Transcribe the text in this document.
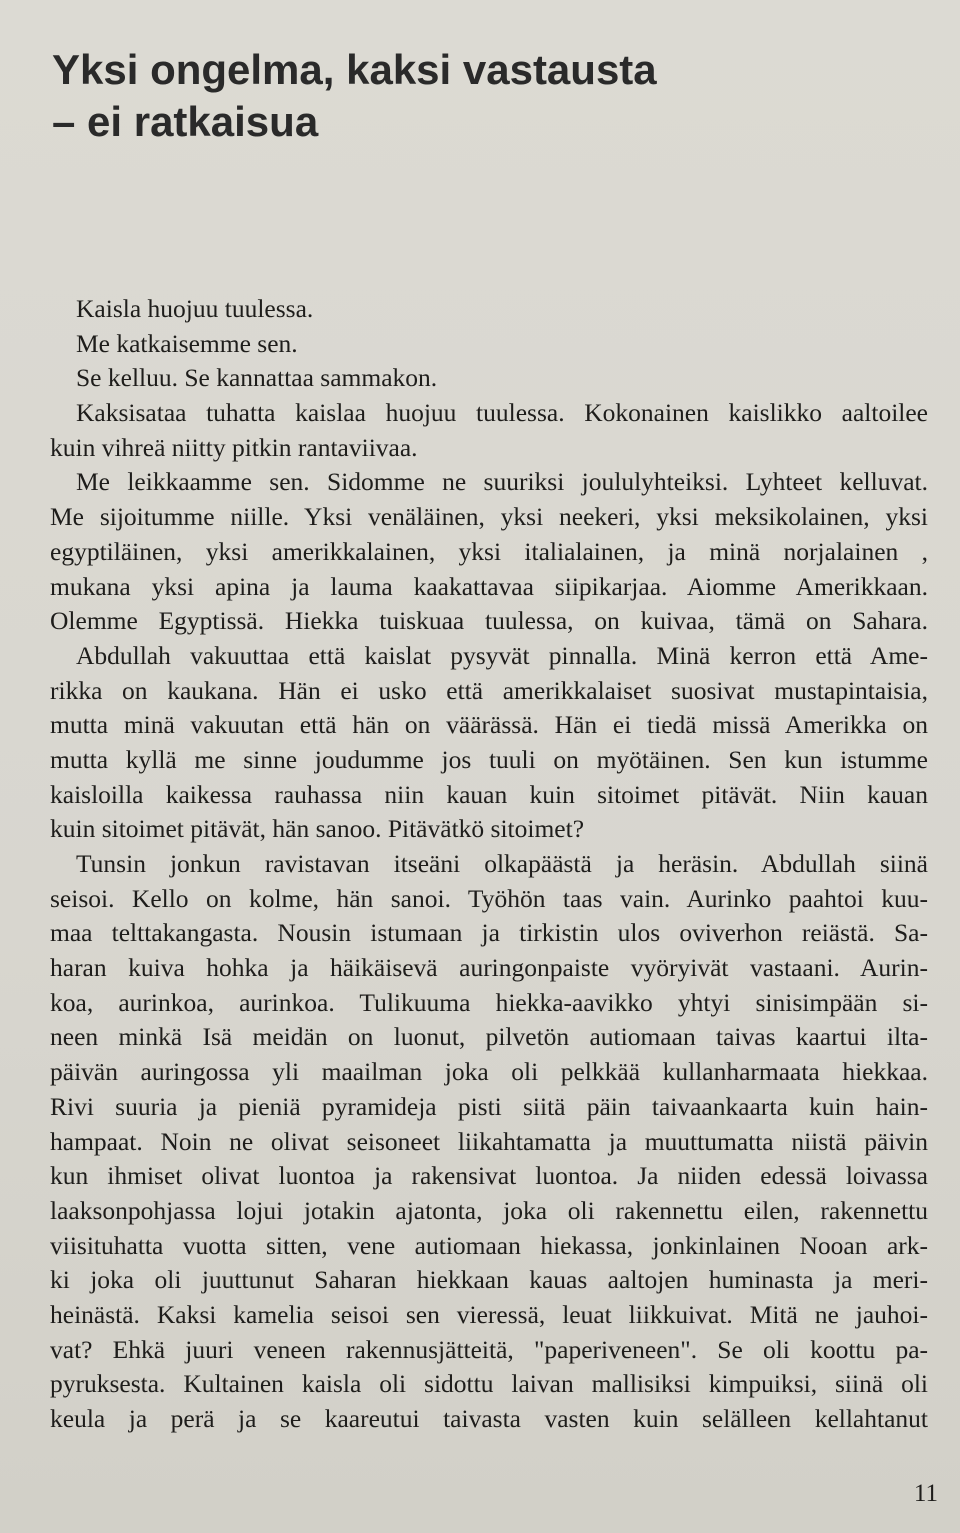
Yksi ongelma, kaksi vastausta
– ei ratkaisua
Kaisla huojuu tuulessa.
Me katkaisemme sen.
Se kelluu. Se kannattaa sammakon.
Kaksisataa tuhatta kaislaa huojuu tuulessa. Kokonainen kaislikko aaltoilee
kuin vihreä niitty pitkin rantaviivaa.
Me leikkaamme sen. Sidomme ne suuriksi joululyhteiksi. Lyhteet kelluvat.
Me sijoitumme niille. Yksi venäläinen, yksi neekeri, yksi meksikolainen, yksi
egyptiläinen, yksi amerikkalainen, yksi italialainen, ja minä norjalainen ,
mukana yksi apina ja lauma kaakattavaa siipikarjaa. Aiomme Amerikkaan.
Olemme Egyptissä. Hiekka tuiskuaa tuulessa, on kuivaa, tämä on Sahara.
Abdullah vakuuttaa että kaislat pysyvät pinnalla. Minä kerron että Ame-
rikka on kaukana. Hän ei usko että amerikkalaiset suosivat mustapintaisia,
mutta minä vakuutan että hän on väärässä. Hän ei tiedä missä Amerikka on
mutta kyllä me sinne joudumme jos tuuli on myötäinen. Sen kun istumme
kaisloilla kaikessa rauhassa niin kauan kuin sitoimet pitävät. Niin kauan
kuin sitoimet pitävät, hän sanoo. Pitävätkö sitoimet?
Tunsin jonkun ravistavan itseäni olkapäästä ja heräsin. Abdullah siinä
seisoi. Kello on kolme, hän sanoi. Työhön taas vain. Aurinko paahtoi kuu-
maa telttakangasta. Nousin istumaan ja tirkistin ulos oviverhon reiästä. Sa-
haran kuiva hohka ja häikäisevä auringonpaiste vyöryivät vastaani. Aurin-
koa, aurinkoa, aurinkoa. Tulikuuma hiekka-aavikko yhtyi sinisimpään si-
neen minkä Isä meidän on luonut, pilvetön autiomaan taivas kaartui ilta-
päivän auringossa yli maailman joka oli pelkkää kullanharmaata hiekkaa.
Rivi suuria ja pieniä pyramideja pisti siitä päin taivaankaarta kuin hain-
hampaat. Noin ne olivat seisoneet liikahtamatta ja muuttumatta niistä päivin
kun ihmiset olivat luontoa ja rakensivat luontoa. Ja niiden edessä loivassa
laaksonpohjassa lojui jotakin ajatonta, joka oli rakennettu eilen, rakennettu
viisituhatta vuotta sitten, vene autiomaan hiekassa, jonkinlainen Nooan ark-
ki joka oli juuttunut Saharan hiekkaan kauas aaltojen huminasta ja meri-
heinästä. Kaksi kamelia seisoi sen vieressä, leuat liikkuivat. Mitä ne jauhoi-
vat? Ehkä juuri veneen rakennusjätteitä, "paperiveneen". Se oli koottu pa-
pyruksesta. Kultainen kaisla oli sidottu laivan mallisiksi kimpuiksi, siinä oli
keula ja perä ja se kaareutui taivasta vasten kuin selälleen kellahtanut
11
